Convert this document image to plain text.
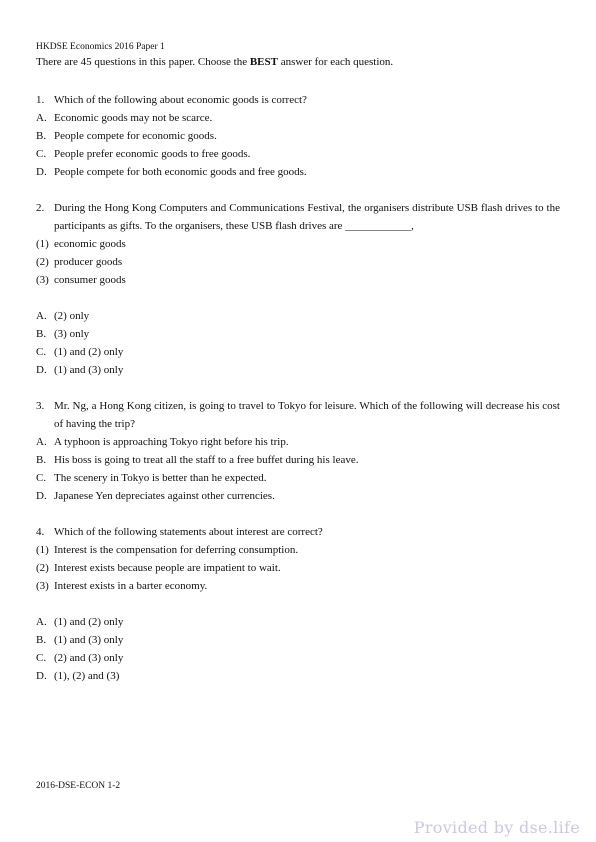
HKDSE Economics 2016 Paper 1
There are 45 questions in this paper. Choose the BEST answer for each question.
1. Which of the following about economic goods is correct?
A. Economic goods may not be scarce.
B. People compete for economic goods.
C. People prefer economic goods to free goods.
D. People compete for both economic goods and free goods.
2. During the Hong Kong Computers and Communications Festival, the organisers distribute USB flash drives to the participants as gifts. To the organisers, these USB flash drives are ____________,
(1) economic goods
(2) producer goods
(3) consumer goods
A. (2) only
B. (3) only
C. (1) and (2) only
D. (1) and (3) only
3. Mr. Ng, a Hong Kong citizen, is going to travel to Tokyo for leisure. Which of the following will decrease his cost of having the trip?
A. A typhoon is approaching Tokyo right before his trip.
B. His boss is going to treat all the staff to a free buffet during his leave.
C. The scenery in Tokyo is better than he expected.
D. Japanese Yen depreciates against other currencies.
4. Which of the following statements about interest are correct?
(1) Interest is the compensation for deferring consumption.
(2) Interest exists because people are impatient to wait.
(3) Interest exists in a barter economy.
A. (1) and (2) only
B. (1) and (3) only
C. (2) and (3) only
D. (1), (2) and (3)
2016-DSE-ECON 1-2
Provided by dse.life
